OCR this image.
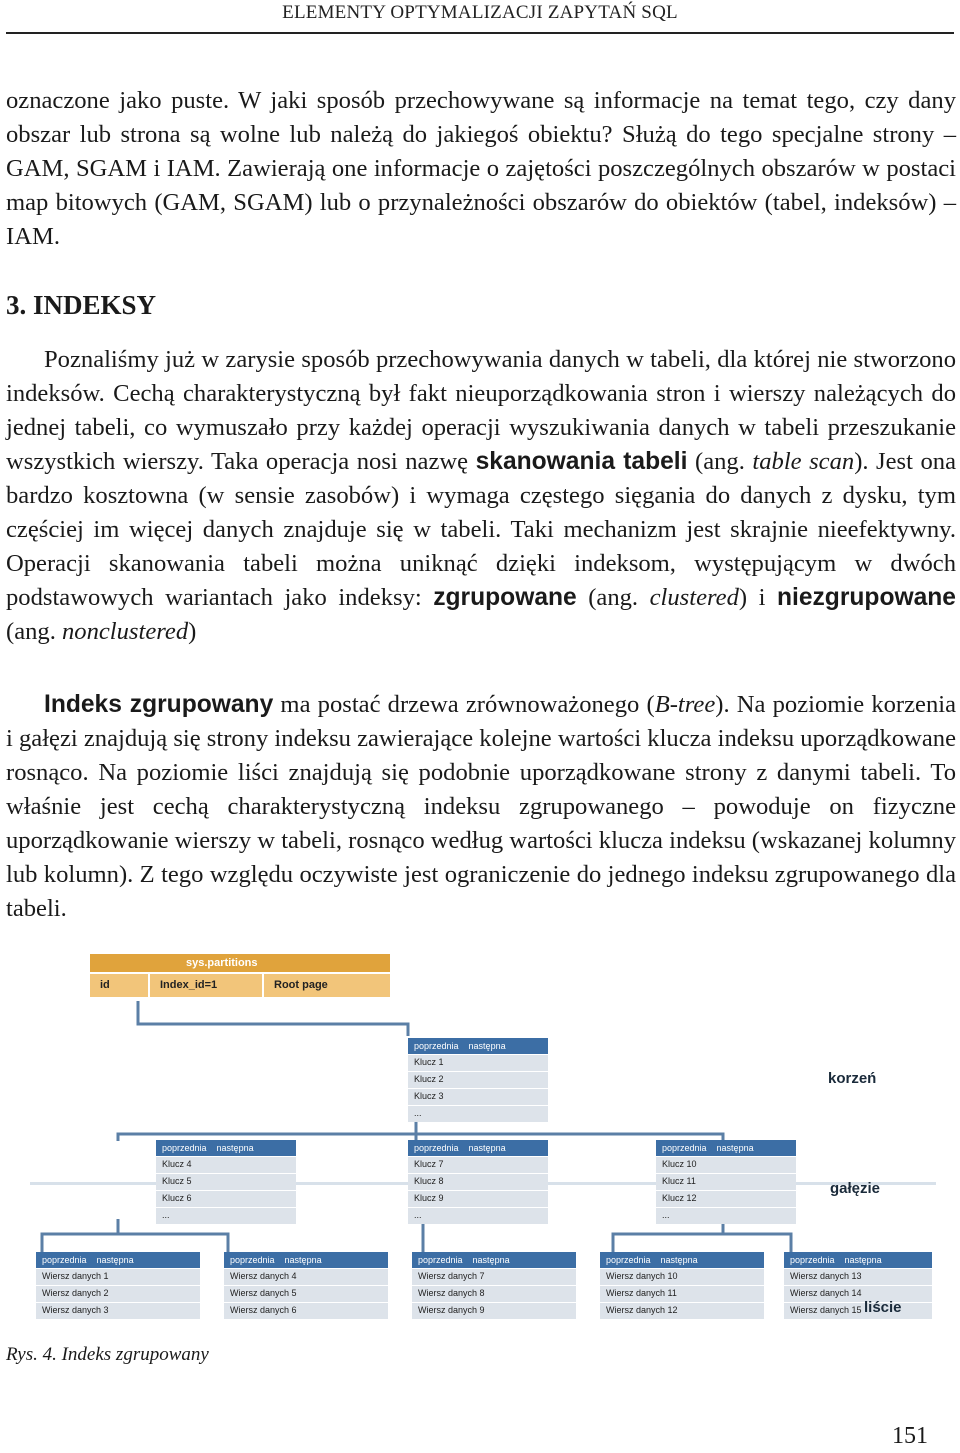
ELEMENTY OPTYMALIZACJI ZAPYTAŃ SQL

oznaczone jako puste. W jaki sposób przechowywane są informacje na temat tego, czy dany obszar lub strona są wolne lub należą do jakiegoś obiektu? Służą do tego specjalne strony – GAM, SGAM i IAM. Zawierają one informacje o zajętości poszczególnych obszarów w postaci map bitowych (GAM, SGAM) lub o przynależności obszarów do obiektów (tabel, indeksów) – IAM.

3. INDEKSY

Poznaliśmy już w zarysie sposób przechowywania danych w tabeli, dla której nie stworzono indeksów. Cechą charakterystyczną był fakt nieuporządkowania stron i wierszy należących do jednej tabeli, co wymuszało przy każdej operacji wyszukiwania danych w tabeli przeszukanie wszystkich wierszy. Taka operacja nosi nazwę skanowania tabeli (ang. table scan). Jest ona bardzo kosztowna (w sensie zasobów) i wymaga częstego sięgania do danych z dysku, tym częściej im więcej danych znajduje się w tabeli. Taki mechanizm jest skrajnie nieefektywny. Operacji skanowania tabeli można uniknąć dzięki indeksom, występującym w dwóch podstawowych wariantach jako indeksy: zgrupowane (ang. clustered) i niezgrupowane (ang. nonclustered)

Indeks zgrupowany ma postać drzewa zrównoważonego (B-tree). Na poziomie korzenia i gałęzi znajdują się strony indeksu zawierające kolejne wartości klucza indeksu uporządkowane rosnąco. Na poziomie liści znajdują się podobnie uporządkowane strony z danymi tabeli. To właśnie jest cechą charakterystyczną indeksu zgrupowanego – powoduje on fizyczne uporządkowanie wierszy w tabeli, rosnąco według wartości klucza indeksu (wskazanej kolumny lub kolumn). Z tego względu oczywiste jest ograniczenie do jednego indeksu zgrupowanego dla tabeli.

sys.partitions
id	Index_id=1	Root page
poprzednia następna
Klucz 1
Klucz 2
Klucz 3
...
korzeń
poprzednia następna
Klucz 4
Klucz 5
Klucz 6
...
poprzednia następna
Klucz 7
Klucz 8
Klucz 9
...
poprzednia następna
Klucz 10
Klucz 11
Klucz 12
...
gałęzie
poprzednia następna
Wiersz danych 1
Wiersz danych 2
Wiersz danych 3
poprzednia następna
Wiersz danych 4
Wiersz danych 5
Wiersz danych 6
poprzednia następna
Wiersz danych 7
Wiersz danych 8
Wiersz danych 9
poprzednia następna
Wiersz danych 10
Wiersz danych 11
Wiersz danych 12
poprzednia następna
Wiersz danych 13
Wiersz danych 14
Wiersz danych 15 liście
Rys. 4. Indeks zgrupowany
151
